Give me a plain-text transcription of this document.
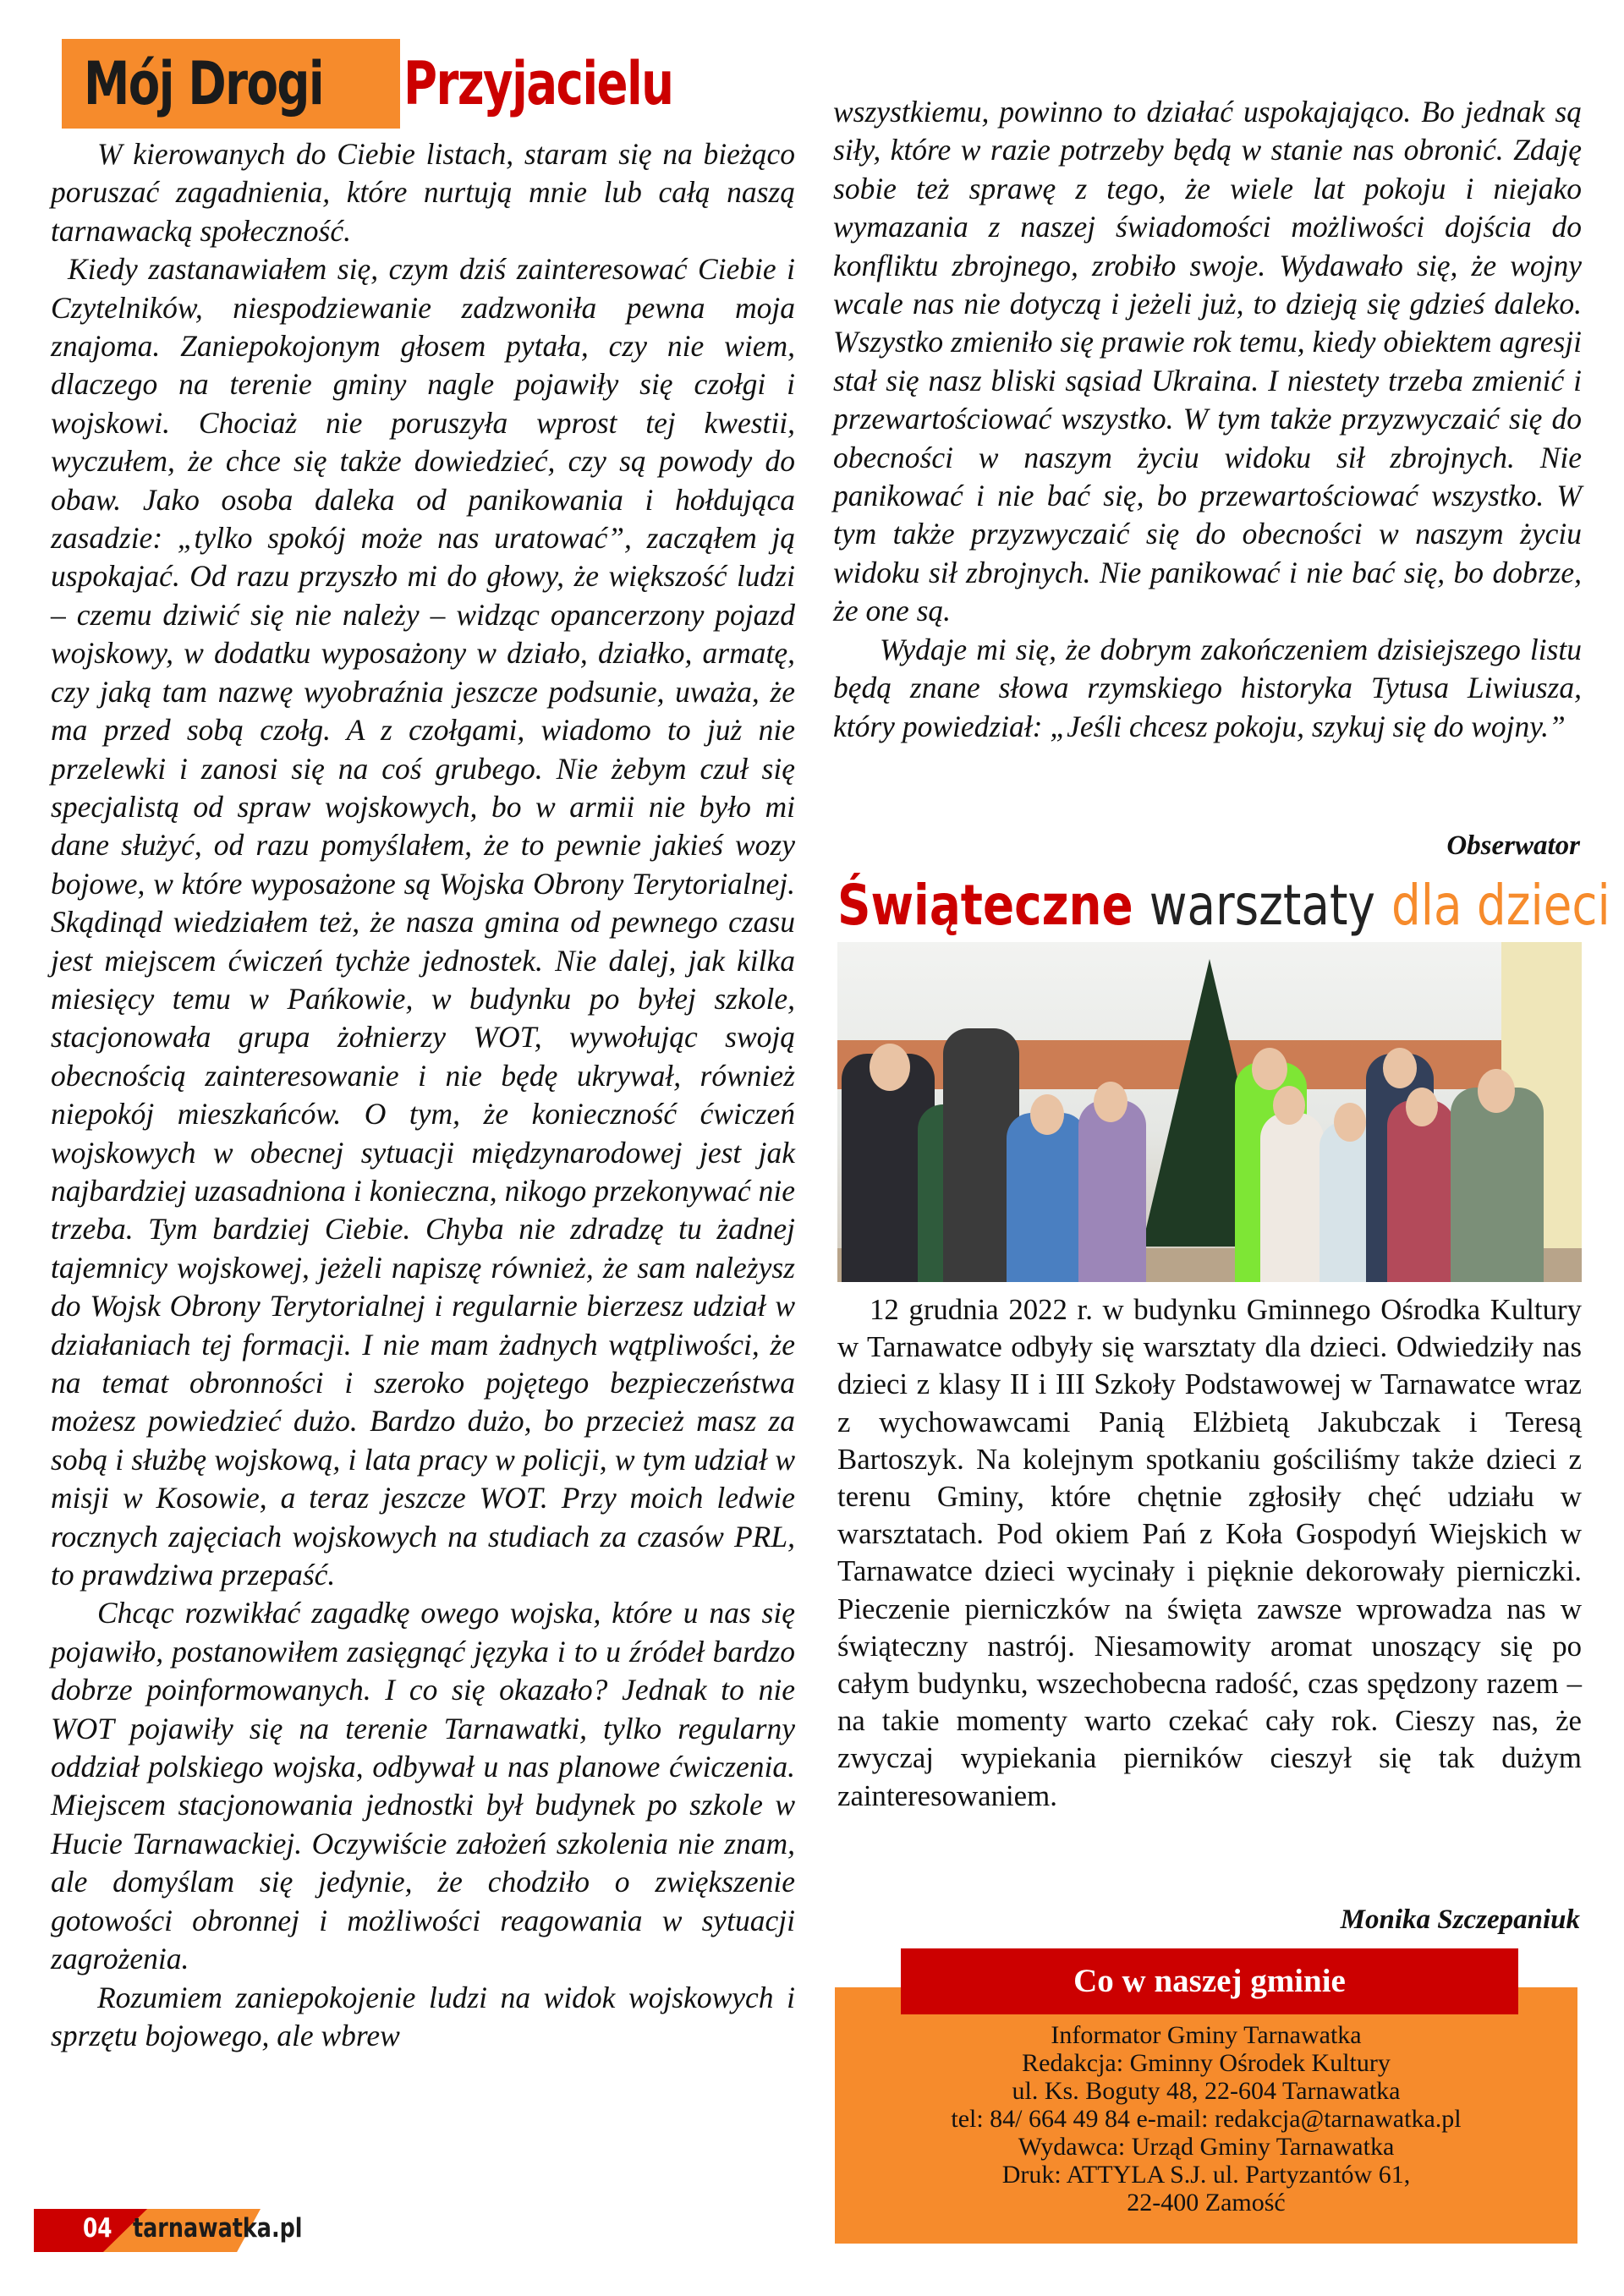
Mój Drogi Przyjacielu

W kierowanych do Ciebie listach, staram się na bieżąco poruszać zagadnienia, które nurtują mnie lub całą naszą tarnawacką społeczność.

Kiedy zastanawiałem się, czym dziś zainteresować Ciebie i Czytelników, niespodziewanie zadzwoniła pewna moja znajoma. Zaniepokojonym głosem pytała, czy nie wiem, dlaczego na terenie gminy nagle pojawiły się czołgi i wojskowi. Chociaż nie poruszyła wprost tej kwestii, wyczułem, że chce się także dowiedzieć, czy są powody do obaw. Jako osoba daleka od panikowania i hołdująca zasadzie: „tylko spokój może nas uratować”, zacząłem ją uspokajać. Od razu przyszło mi do głowy, że większość ludzi – czemu dziwić się nie należy – widząc opancerzony pojazd wojskowy, w dodatku wyposażony w działo, działko, armatę, czy jaką tam nazwę wyobraźnia jeszcze podsunie, uważa, że ma przed sobą czołg. A z czołgami, wiadomo to już nie przelewki i zanosi się na coś grubego. Nie żebym czuł się specjalistą od spraw wojskowych, bo w armii nie było mi dane służyć, od razu pomyślałem, że to pewnie jakieś wozy bojowe, w które wyposażone są Wojska Obrony Terytorialnej. Skądinąd wiedziałem też, że nasza gmina od pewnego czasu jest miejscem ćwiczeń tychże jednostek. Nie dalej, jak kilka miesięcy temu w Pańkowie, w budynku po byłej szkole, stacjonowała grupa żołnierzy WOT, wywołując swoją obecnością zainteresowanie i nie będę ukrywał, również niepokój mieszkańców. O tym, że konieczność ćwiczeń wojskowych w obecnej sytuacji międzynarodowej jest jak najbardziej uzasadniona i konieczna, nikogo przekonywać nie trzeba. Tym bardziej Ciebie. Chyba nie zdradzę tu żadnej tajemnicy wojskowej, jeżeli napiszę również, że sam należysz do Wojsk Obrony Terytorialnej i regularnie bierzesz udział w działaniach tej formacji. I nie mam żadnych wątpliwości, że na temat obronności i szeroko pojętego bezpieczeństwa możesz powiedzieć dużo. Bardzo dużo, bo przecież masz za sobą i służbę wojskową, i lata pracy w policji, w tym udział w misji w Kosowie, a teraz jeszcze WOT. Przy moich ledwie rocznych zajęciach wojskowych na studiach za czasów PRL, to prawdziwa przepaść.

Chcąc rozwikłać zagadkę owego wojska, które u nas się pojawiło, postanowiłem zasięgnąć języka i to u źródeł bardzo dobrze poinformowanych. I co się okazało? Jednak to nie WOT pojawiły się na terenie Tarnawatki, tylko regularny oddział polskiego wojska, odbywał u nas planowe ćwiczenia. Miejscem stacjonowania jednostki był budynek po szkole w Hucie Tarnawackiej. Oczywiście założeń szkolenia nie znam, ale domyślam się jedynie, że chodziło o zwiększenie gotowości obronnej i możliwości reagowania w sytuacji zagrożenia.

Rozumiem zaniepokojenie ludzi na widok wojskowych i sprzętu bojowego, ale wbrew

wszystkiemu, powinno to działać uspokajająco. Bo jednak są siły, które w razie potrzeby będą w stanie nas obronić. Zdaję sobie też sprawę z tego, że wiele lat pokoju i niejako wymazania z naszej świadomości możliwości dojścia do konfliktu zbrojnego, zrobiło swoje. Wydawało się, że wojny wcale nas nie dotyczą i jeżeli już, to dzieją się gdzieś daleko. Wszystko zmieniło się prawie rok temu, kiedy obiektem agresji stał się nasz bliski sąsiad Ukraina. I niestety trzeba zmienić i przewartościować wszystko. W tym także przyzwyczaić się do obecności w naszym życiu widoku sił zbrojnych. Nie panikować i nie bać się, bo przewartościować wszystko. W tym także przyzwyczaić się do obecności w naszym życiu widoku sił zbrojnych. Nie panikować i nie bać się, bo dobrze, że one są.

Wydaje mi się, że dobrym zakończeniem dzisiejszego listu będą znane słowa rzymskiego historyka Tytusa Liwiusza, który powiedział: „Jeśli chcesz pokoju, szykuj się do wojny.”

Obserwator
Świąteczne warsztaty dla dzieci

12 grudnia 2022 r. w budynku Gminnego Ośrodka Kultury w Tarnawatce odbyły się warsztaty dla dzieci. Odwiedziły nas dzieci z klasy II i III Szkoły Podstawowej w Tarnawatce wraz z wychowawcami Panią Elżbietą Jakubczak i Teresą Bartoszyk. Na kolejnym spotkaniu gościliśmy także dzieci z terenu Gminy, które chętnie zgłosiły chęć udziału w warsztatach. Pod okiem Pań z Koła Gospodyń Wiejskich w Tarnawatce dzieci wycinały i pięknie dekorowały pierniczki. Pieczenie pierniczków na święta zawsze wprowadza nas w świąteczny nastrój. Niesamowity aromat unoszący się po całym budynku, wszechobecna radość, czas spędzony razem – na takie momenty warto czekać cały rok. Cieszy nas, że zwyczaj wypiekania pierników cieszył się tak dużym zainteresowaniem.

Monika Szczepaniuk
Co w naszej gminie
Informator Gminy Tarnawatka
Redakcja: Gminny Ośrodek Kultury
ul. Ks. Boguty 48, 22-604 Tarnawatka
tel: 84/ 664 49 84 e-mail: redakcja@tarnawatka.pl
Wydawca: Urząd Gminy Tarnawatka
Druk: ATTYLA S.J. ul. Partyzantów 61,
22-400 Zamość
04 tarnawatka.pl
